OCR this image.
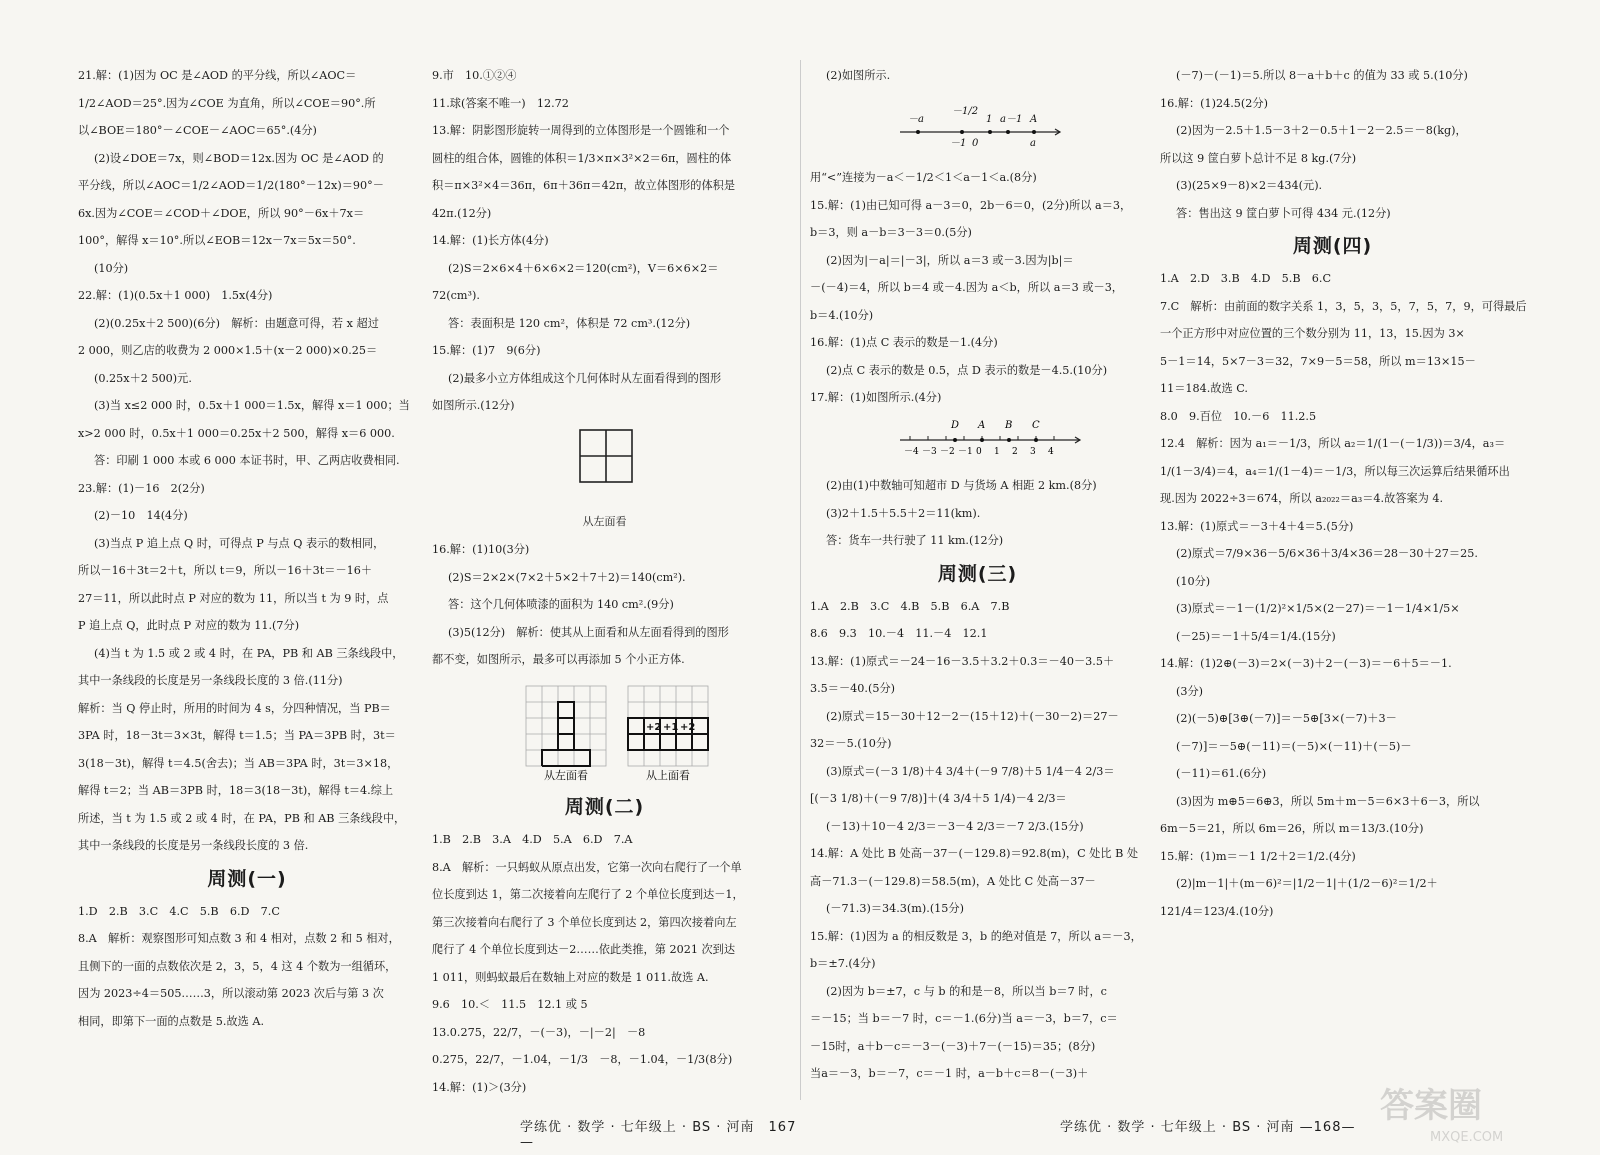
21.解：(1)因为 OC 是∠AOD 的平分线，所以∠AOC＝

1/2∠AOD＝25°.因为∠COE 为直角，所以∠COE＝90°.所

以∠BOE＝180°－∠COE－∠AOC＝65°.(4分)

(2)设∠DOE＝7x，则∠BOD＝12x.因为 OC 是∠AOD 的

平分线，所以∠AOC＝1/2∠AOD＝1/2(180°－12x)＝90°－

6x.因为∠COE＝∠COD＋∠DOE，所以 90°－6x＋7x＝

100°，解得 x＝10°.所以∠EOB＝12x－7x＝5x＝50°.

(10分)

22.解：(1)(0.5x＋1 000)　1.5x(4分)

(2)(0.25x＋2 500)(6分)　解析：由题意可得，若 x 超过

2 000，则乙店的收费为 2 000×1.5＋(x－2 000)×0.25＝

(0.25x＋2 500)元.

(3)当 x≤2 000 时，0.5x＋1 000＝1.5x，解得 x＝1 000；当

x>2 000 时，0.5x＋1 000＝0.25x＋2 500，解得 x＝6 000.

答：印刷 1 000 本或 6 000 本证书时，甲、乙两店收费相同.

23.解：(1)－16　2(2分)

(2)－10　14(4分)

(3)当点 P 追上点 Q 时，可得点 P 与点 Q 表示的数相同，

所以－16＋3t＝2＋t，所以 t＝9，所以－16＋3t＝－16＋

27＝11，所以此时点 P 对应的数为 11，所以当 t 为 9 时，点

P 追上点 Q，此时点 P 对应的数为 11.(7分)

(4)当 t 为 1.5 或 2 或 4 时，在 PA，PB 和 AB 三条线段中，

其中一条线段的长度是另一条线段长度的 3 倍.(11分)

解析：当 Q 停止时，所用的时间为 4 s，分四种情况，当 PB＝

3PA 时，18－3t＝3×3t，解得 t＝1.5；当 PA＝3PB 时，3t＝

3(18－3t)，解得 t＝4.5(舍去)；当 AB＝3PA 时，3t＝3×18，

解得 t＝2；当 AB＝3PB 时，18＝3(18－3t)，解得 t＝4.综上

所述，当 t 为 1.5 或 2 或 4 时，在 PA，PB 和 AB 三条线段中，

其中一条线段的长度是另一条线段长度的 3 倍.

周测(一)

1.D　2.B　3.C　4.C　5.B　6.D　7.C

8.A　解析：观察图形可知点数 3 和 4 相对，点数 2 和 5 相对，

且侧下的一面的点数依次是 2，3，5，4 这 4 个数为一组循环，

因为 2023÷4＝505……3，所以滚动第 2023 次后与第 3 次

相同，即第下一面的点数是 5.故选 A.

9.市　10.①②④

11.球(答案不唯一)　12.72

13.解：阴影图形旋转一周得到的立体图形是一个圆锥和一个

圆柱的组合体，圆锥的体积＝1/3×π×3²×2＝6π，圆柱的体

积＝π×3²×4＝36π，6π＋36π＝42π，故立体图形的体积是

42π.(12分)

14.解：(1)长方体(4分)

(2)S＝2×6×4＋6×6×2＝120(cm²)，V＝6×6×2＝

72(cm³).

答：表面积是 120 cm²，体积是 72 cm³.(12分)

15.解：(1)7　9(6分)

(2)最多小立方体组成这个几何体时从左面看得到的图形

如图所示.(12分)

从左面看

16.解：(1)10(3分)

(2)S＝2×2×(7×2＋5×2＋7＋2)＝140(cm²).

答：这个几何体喷漆的面积为 140 cm².(9分)

(3)5(12分)　解析：使其从上面看和从左面看得到的图形

都不变，如图所示，最多可以再添加 5 个小正方体.

+2 +1 +2
从左面看	从上面看
周测(二)

1.B　2.B　3.A　4.D　5.A　6.D　7.A

8.A　解析：一只蚂蚁从原点出发，它第一次向右爬行了一个单

位长度到达 1，第二次接着向左爬行了 2 个单位长度到达－1，

第三次接着向右爬行了 3 个单位长度到达 2，第四次接着向左

爬行了 4 个单位长度到达－2……依此类推，第 2021 次到达

1 011，则蚂蚁最后在数轴上对应的数是 1 011.故选 A.

9.6　10.＜　11.5　12.1 或 5

13.0.275，22/7，－(－3)，－|－2|　－8

0.275，22/7，－1.04，－1/3　－8，－1.04，－1/3(8分)

14.解：(1)＞(3分)

学练优 · 数学 · 七年级上 · BS · 河南　167—

(2)如图所示.

－a
－1/2
1 a－1 A
－1 0	a

用“<”连接为－a＜－1/2＜1＜a－1＜a.(8分)

15.解：(1)由已知可得 a－3＝0，2b－6＝0，(2分)所以 a＝3，

b＝3，则 a－b＝3－3＝0.(5分)

(2)因为|－a|＝|－3|，所以 a＝3 或－3.因为|b|＝

－(－4)＝4，所以 b＝4 或－4.因为 a＜b，所以 a＝3 或－3，

b＝4.(10分)

16.解：(1)点 C 表示的数是－1.(4分)

(2)点 C 表示的数是 0.5，点 D 表示的数是－4.5.(10分)

17.解：(1)如图所示.(4分)

－4 －3 －2 －1 0 1 2 3 4
D A B C

(2)由(1)中数轴可知超市 D 与货场 A 相距 2 km.(8分)

(3)2＋1.5＋5.5＋2＝11(km).

答：货车一共行驶了 11 km.(12分)

周测(三)

1.A　2.B　3.C　4.B　5.B　6.A　7.B

8.6　9.3　10.－4　11.－4　12.1

13.解：(1)原式＝－24－16－3.5＋3.2＋0.3＝－40－3.5＋

3.5＝－40.(5分)

(2)原式＝15－30＋12－2－(15＋12)＋(－30－2)＝27－

32＝－5.(10分)

(3)原式＝(－3 1/8)＋4 3/4＋(－9 7/8)＋5 1/4－4 2/3＝

[(－3 1/8)＋(－9 7/8)]＋(4 3/4＋5 1/4)－4 2/3＝

(－13)＋10－4 2/3＝－3－4 2/3＝－7 2/3.(15分)

14.解：A 处比 B 处高－37－(－129.8)＝92.8(m)，C 处比 B 处

高－71.3－(－129.8)＝58.5(m)，A 处比 C 处高－37－

(－71.3)＝34.3(m).(15分)

15.解：(1)因为 a 的相反数是 3，b 的绝对值是 7，所以 a＝－3，

b＝±7.(4分)

(2)因为 b＝±7，c 与 b 的和是－8，所以当 b＝7 时，c

＝－15；当 b＝－7 时，c＝－1.(6分)当 a＝－3，b＝7，c＝

－15时，a＋b－c＝－3－(－3)＋7－(－15)＝35；(8分)

当a＝－3，b＝－7，c＝－1 时，a－b＋c＝8－(－3)＋

(－7)－(－1)＝5.所以 8－a＋b＋c 的值为 33 或 5.(10分)

16.解：(1)24.5(2分)

(2)因为－2.5＋1.5－3＋2－0.5＋1－2－2.5＝－8(kg)，

所以这 9 筐白萝卜总计不足 8 kg.(7分)

(3)(25×9－8)×2＝434(元).

答：售出这 9 筐白萝卜可得 434 元.(12分)

周测(四)

1.A　2.D　3.B　4.D　5.B　6.C

7.C　解析：由前面的数字关系 1，3，5，3，5，7，5，7，9，可得最后

一个正方形中对应位置的三个数分别为 11，13，15.因为 3×

5－1＝14，5×7－3＝32，7×9－5＝58，所以 m＝13×15－

11＝184.故选 C.

8.0　9.百位　10.－6　11.2.5

12.4　解析：因为 a₁＝－1/3，所以 a₂＝1/(1－(－1/3))＝3/4，a₃＝

1/(1－3/4)＝4，a₄＝1/(1－4)＝－1/3，所以每三次运算后结果循环出

现.因为 2022÷3＝674，所以 a₂₀₂₂＝a₃＝4.故答案为 4.

13.解：(1)原式＝－3＋4＋4＝5.(5分)

(2)原式＝7/9×36－5/6×36＋3/4×36＝28－30＋27＝25.

(10分)

(3)原式＝－1－(1/2)²×1/5×(2－27)＝－1－1/4×1/5×

(－25)＝－1＋5/4＝1/4.(15分)

14.解：(1)2⊕(－3)＝2×(－3)＋2－(－3)＝－6＋5＝－1.

(3分)

(2)(－5)⊕[3⊕(－7)]＝－5⊕[3×(－7)＋3－

(－7)]＝－5⊕(－11)＝(－5)×(－11)＋(－5)－

(－11)＝61.(6分)

(3)因为 m⊕5＝6⊕3，所以 5m＋m－5＝6×3＋6－3，所以

6m－5＝21，所以 6m＝26，所以 m＝13/3.(10分)

15.解：(1)m＝－1 1/2＋2＝1/2.(4分)

(2)|m－1|＋(m－6)²＝|1/2－1|＋(1/2－6)²＝1/2＋

121/4＝123/4.(10分)

学练优 · 数学 · 七年级上 · BS · 河南 —168—
答案圈
MXQE.COM
